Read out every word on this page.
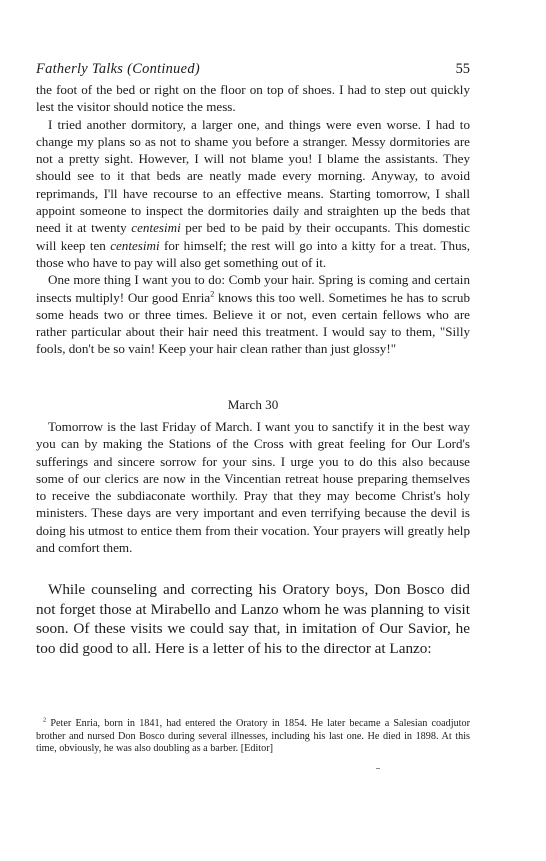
Fatherly Talks (Continued)	55

the foot of the bed or right on the floor on top of shoes. I had to step out quickly lest the visitor should notice the mess.

I tried another dormitory, a larger one, and things were even worse. I had to change my plans so as not to shame you before a stranger. Messy dormitories are not a pretty sight. However, I will not blame you! I blame the assistants. They should see to it that beds are neatly made every morning. Anyway, to avoid reprimands, I'll have recourse to an effective means. Starting tomorrow, I shall appoint someone to inspect the dormitories daily and straighten up the beds that need it at twenty centesimi per bed to be paid by their occupants. This domestic will keep ten centesimi for himself; the rest will go into a kitty for a treat. Thus, those who have to pay will also get something out of it.

One more thing I want you to do: Comb your hair. Spring is coming and certain insects multiply! Our good Enria$^2$ knows this too well. Sometimes he has to scrub some heads two or three times. Believe it or not, even certain fellows who are rather particular about their hair need this treatment. I would say to them, "Silly fools, don't be so vain! Keep your hair clean rather than just glossy!"

March 30

Tomorrow is the last Friday of March. I want you to sanctify it in the best way you can by making the Stations of the Cross with great feeling for Our Lord's sufferings and sincere sorrow for your sins. I urge you to do this also because some of our clerics are now in the Vincentian retreat house preparing themselves to receive the subdiaconate worthily. Pray that they may become Christ's holy ministers. These days are very important and even terrifying because the devil is doing his utmost to entice them from their vocation. Your prayers will greatly help and comfort them.

While counseling and correcting his Oratory boys, Don Bosco did not forget those at Mirabello and Lanzo whom he was planning to visit soon. Of these visits we could say that, in imitation of Our Savior, he too did good to all. Here is a letter of his to the director at Lanzo:

$^2$ Peter Enria, born in 1841, had entered the Oratory in 1854. He later became a Salesian coadjutor brother and nursed Don Bosco during several illnesses, including his last one. He died in 1898. At this time, obviously, he was also doubling as a barber. [Editor]
